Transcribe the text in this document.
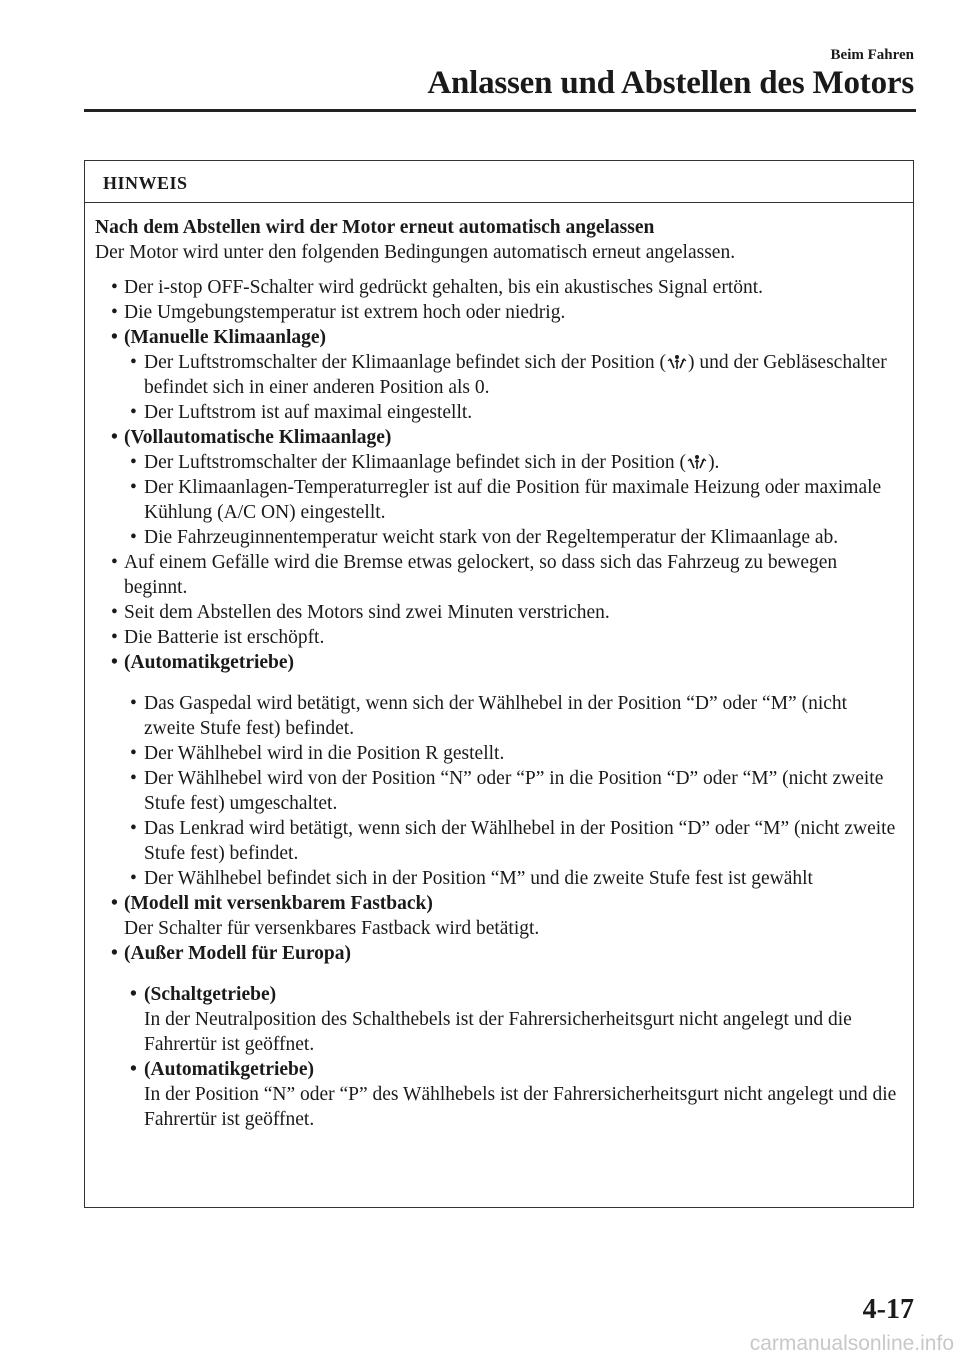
Beim Fahren
Anlassen und Abstellen des Motors
HINWEIS
Nach dem Abstellen wird der Motor erneut automatisch angelassen
Der Motor wird unter den folgenden Bedingungen automatisch erneut angelassen.
• Der i-stop OFF-Schalter wird gedrückt gehalten, bis ein akustisches Signal ertönt.
• Die Umgebungstemperatur ist extrem hoch oder niedrig.
• (Manuelle Klimaanlage)
• Der Luftstromschalter der Klimaanlage befindet sich der Position ( ) und der Gebläseschalter befindet sich in einer anderen Position als 0.
• Der Luftstrom ist auf maximal eingestellt.
• (Vollautomatische Klimaanlage)
• Der Luftstromschalter der Klimaanlage befindet sich in der Position ( ).
• Der Klimaanlagen-Temperaturregler ist auf die Position für maximale Heizung oder maximale Kühlung (A/C ON) eingestellt.
• Die Fahrzeuginnentemperatur weicht stark von der Regeltemperatur der Klimaanlage ab.
• Auf einem Gefälle wird die Bremse etwas gelockert, so dass sich das Fahrzeug zu bewegen beginnt.
• Seit dem Abstellen des Motors sind zwei Minuten verstrichen.
• Die Batterie ist erschöpft.
• (Automatikgetriebe)
• Das Gaspedal wird betätigt, wenn sich der Wählhebel in der Position “D” oder “M” (nicht zweite Stufe fest) befindet.
• Der Wählhebel wird in die Position R gestellt.
• Der Wählhebel wird von der Position “N” oder “P” in die Position “D” oder “M” (nicht zweite Stufe fest) umgeschaltet.
• Das Lenkrad wird betätigt, wenn sich der Wählhebel in der Position “D” oder “M” (nicht zweite Stufe fest) befindet.
• Der Wählhebel befindet sich in der Position “M” und die zweite Stufe fest ist gewählt
• (Modell mit versenkbarem Fastback)
Der Schalter für versenkbares Fastback wird betätigt.
• (Außer Modell für Europa)
• (Schaltgetriebe)
In der Neutralposition des Schalthebels ist der Fahrersicherheitsgurt nicht angelegt und die Fahrertür ist geöffnet.
• (Automatikgetriebe)
In der Position “N” oder “P” des Wählhebels ist der Fahrersicherheitsgurt nicht angelegt und die Fahrertür ist geöffnet.
4-17
carmanualsonline.info
